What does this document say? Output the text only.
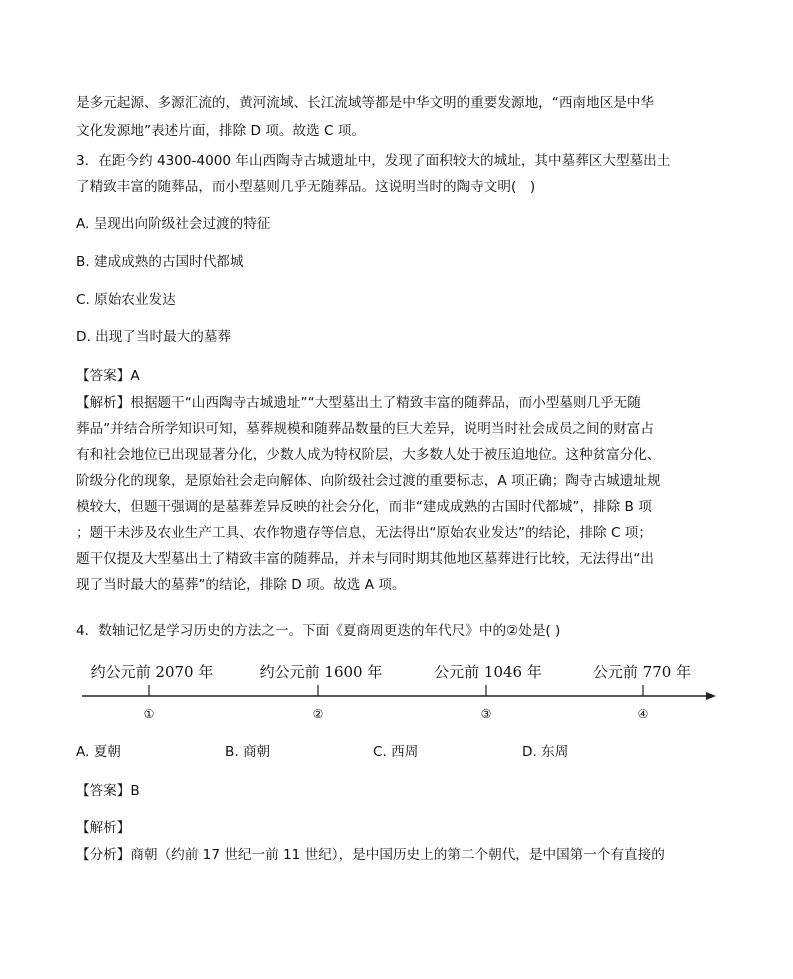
是多元起源、多源汇流的，黄河流域、长江流域等都是中华文明的重要发源地，“西南地区是中华
文化发源地”表述片面，排除 D 项。故选 C 项。
3．在距今约 4300-4000 年山西陶寺古城遗址中，发现了面积较大的城址，其中墓葬区大型墓出土
了精致丰富的随葬品，而小型墓则几乎无随葬品。这说明当时的陶寺文明(　)
A. 呈现出向阶级社会过渡的特征
B. 建成成熟的古国时代都城
C. 原始农业发达
D. 出现了当时最大的墓葬
【答案】A
【解析】根据题干“山西陶寺古城遗址”“大型墓出土了精致丰富的随葬品，而小型墓则几乎无随
葬品”并结合所学知识可知，墓葬规模和随葬品数量的巨大差异，说明当时社会成员之间的财富占
有和社会地位已出现显著分化，少数人成为特权阶层，大多数人处于被压迫地位。这种贫富分化、
阶级分化的现象，是原始社会走向解体、向阶级社会过渡的重要标志，A 项正确；陶寺古城遗址规
模较大，但题干强调的是墓葬差异反映的社会分化，而非“建成成熟的古国时代都城”，排除 B 项
；题干未涉及农业生产工具、农作物遗存等信息，无法得出“原始农业发达”的结论，排除 C 项；
题干仅提及大型墓出土了精致丰富的随葬品，并未与同时期其他地区墓葬进行比较，无法得出“出
现了当时最大的墓葬”的结论，排除 D 项。故选 A 项。
4．数轴记忆是学习历史的方法之一。下面《夏商周更迭的年代尺》中的②处是( )
约公元前 2070 年	约公元前 1600 年	公元前 1046 年	公元前 770 年
①	②	③	④
A. 夏朝	B. 商朝	C. 西周	D. 东周
【答案】B
【解析】
【分析】商朝（约前 17 世纪一前 11 世纪），是中国历史上的第二个朝代，是中国第一个有直接的
